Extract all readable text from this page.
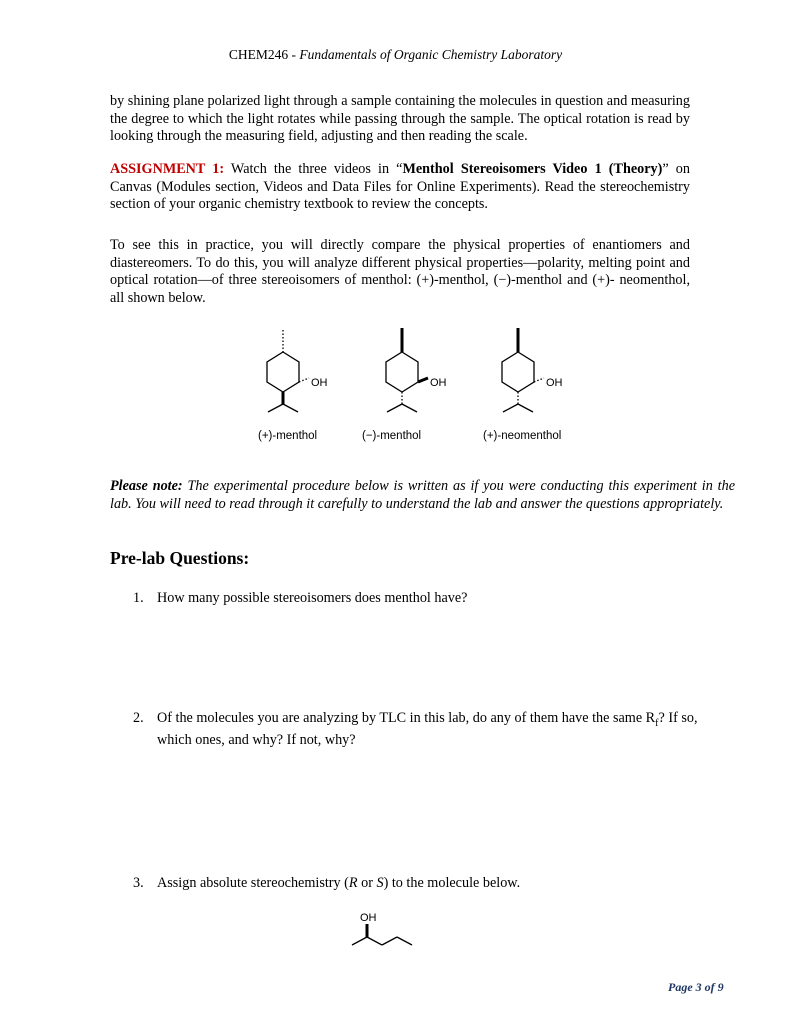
CHEM246 - Fundamentals of Organic Chemistry Laboratory

by shining plane polarized light through a sample containing the molecules in question and measuring the degree to which the light rotates while passing through the sample. The optical rotation is read by looking through the measuring field, adjusting and then reading the scale.

ASSIGNMENT 1: Watch the three videos in “Menthol Stereoisomers Video 1 (Theory)” on Canvas (Modules section, Videos and Data Files for Online Experiments). Read the stereochemistry section of your organic chemistry textbook to review the concepts.

To see this in practice, you will directly compare the physical properties of enantiomers and diastereomers. To do this, you will analyze different physical properties—polarity, melting point and optical rotation—of three stereoisomers of menthol: (+)-menthol, (−)-menthol and (+)- neomenthol, all shown below.

OH	OH	OH
(+)-menthol	(−)-menthol	(+)-neomenthol

Please note: The experimental procedure below is written as if you were conducting this experiment in the lab. You will need to read through it carefully to understand the lab and answer the questions appropriately.

Pre-lab Questions:
1. How many possible stereoisomers does menthol have?
2. Of the molecules you are analyzing by TLC in this lab, do any of them have the same $R_f$? If so, which ones, and why? If not, why?
3. Assign absolute stereochemistry (R or S) to the molecule below.
OH
Page 3 of 9
